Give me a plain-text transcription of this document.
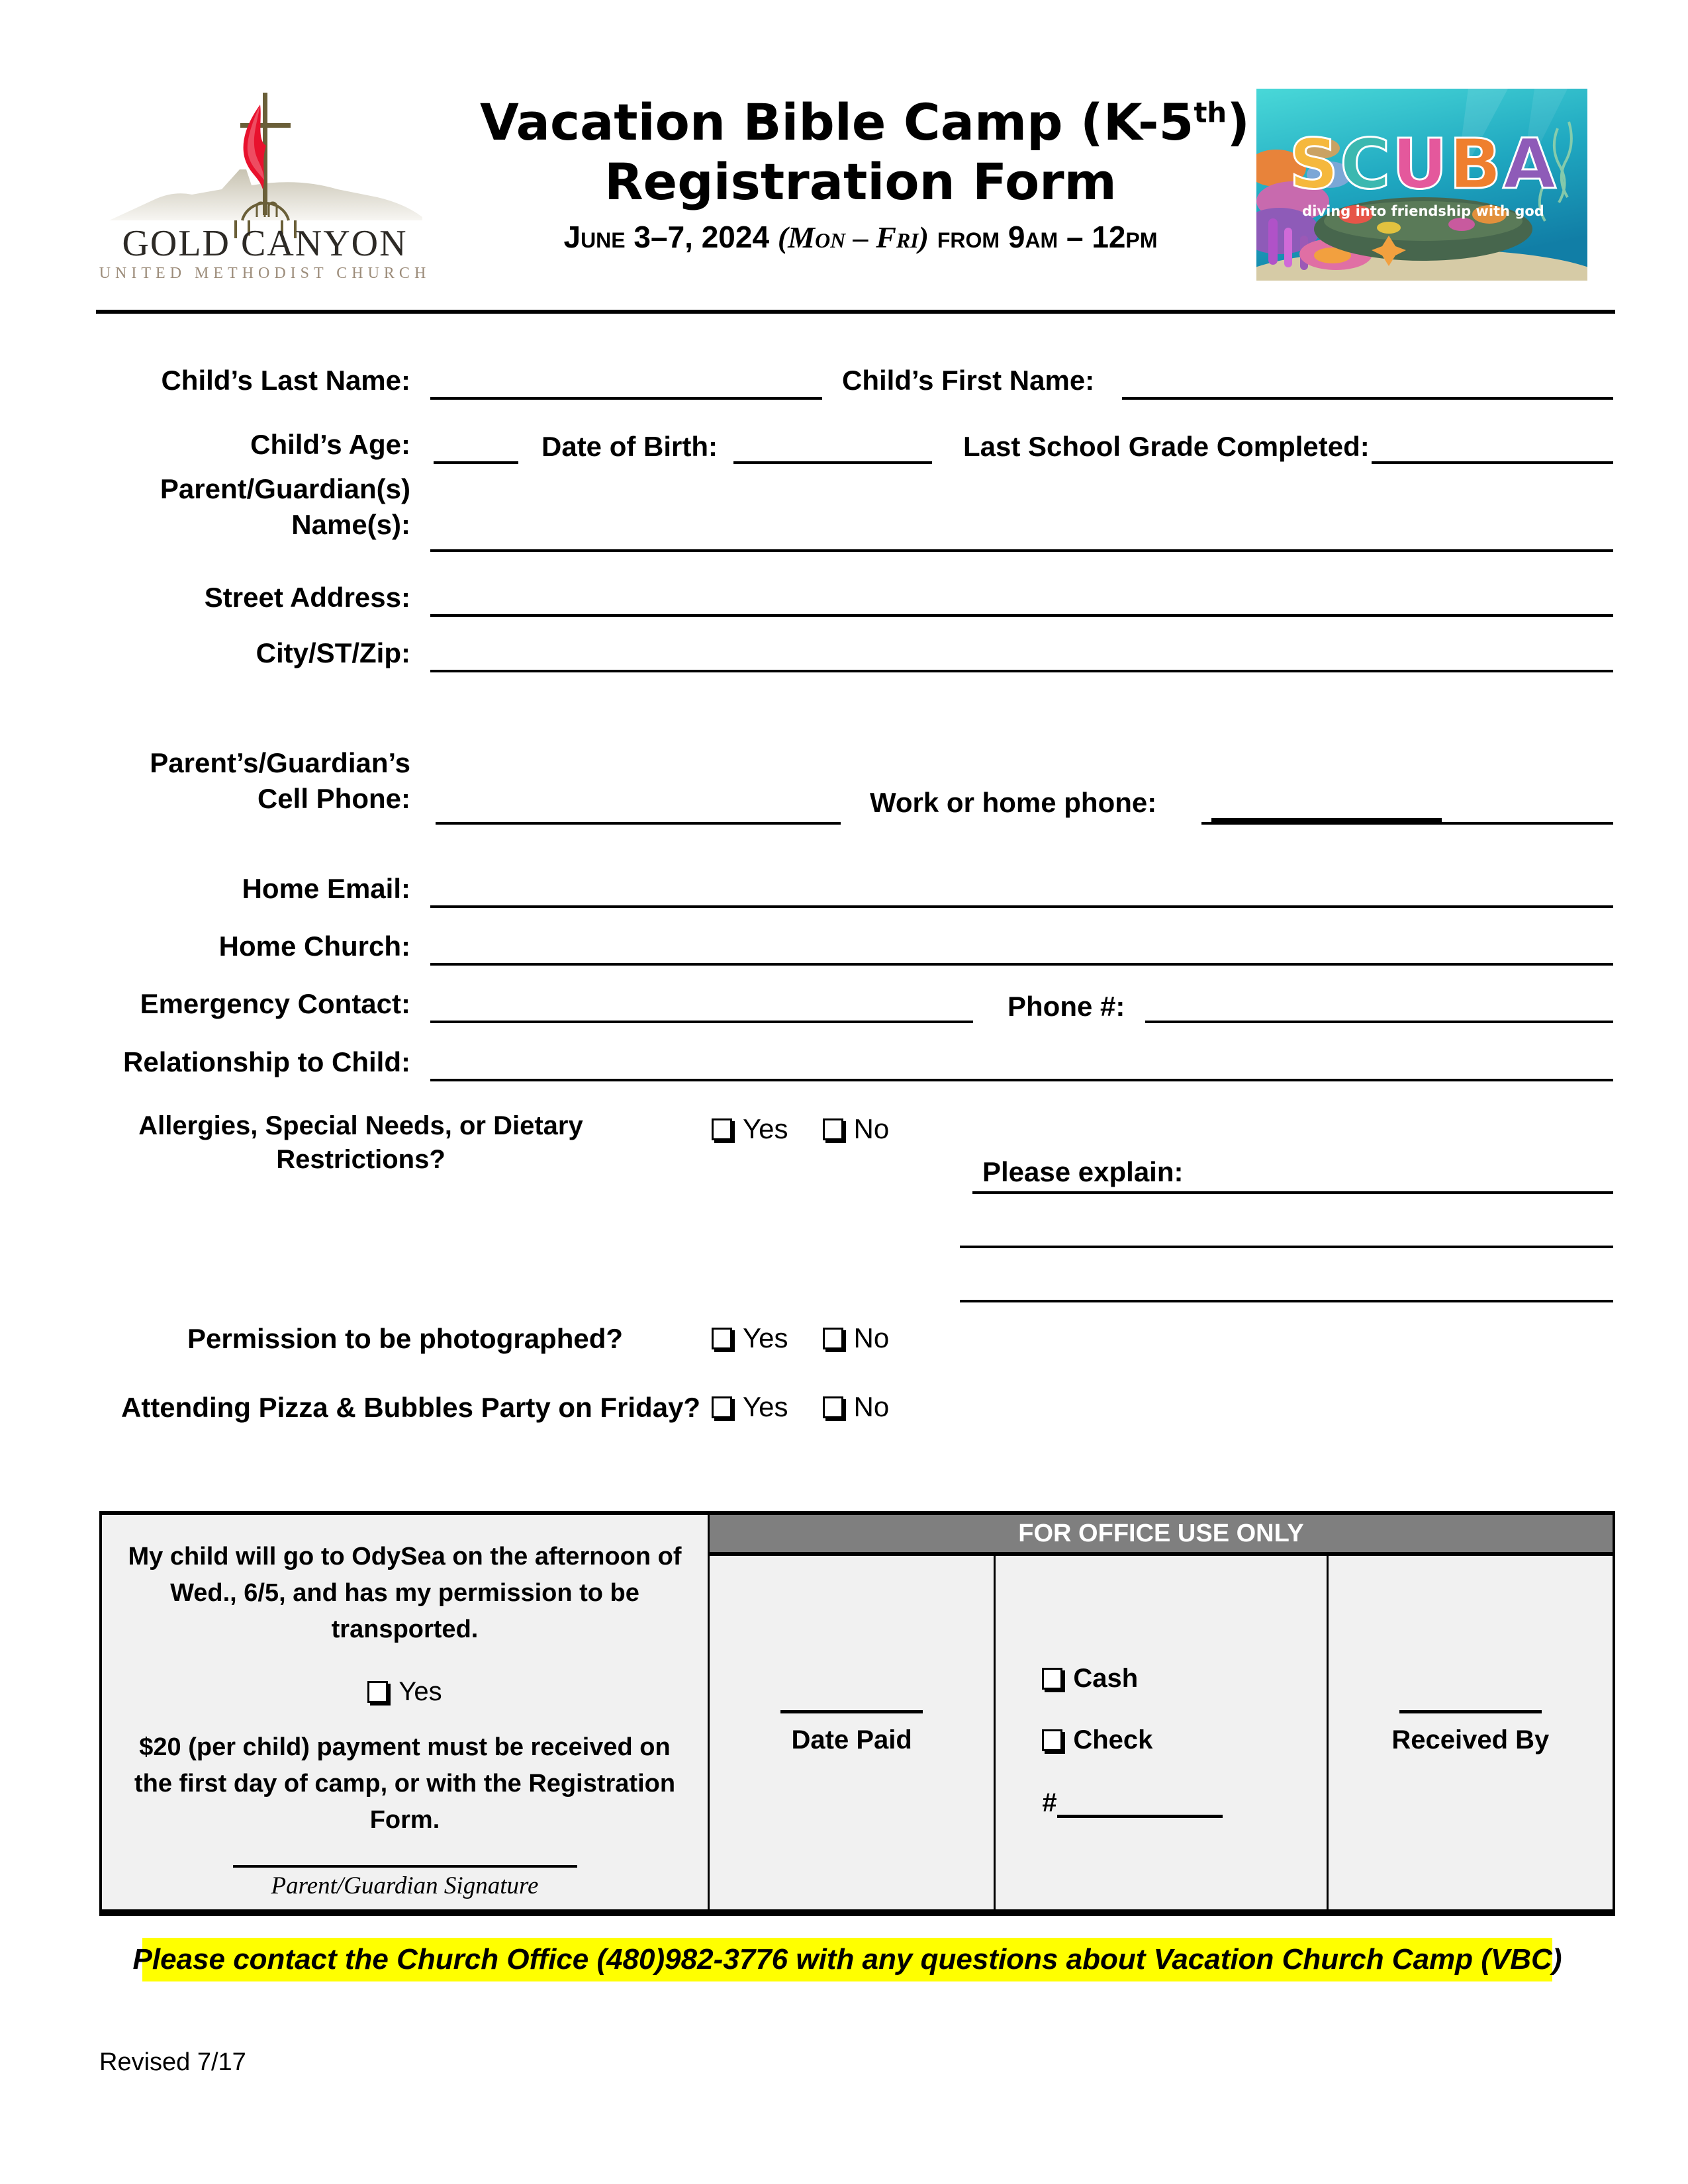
GOLD CANYON
UNITED METHODIST CHURCH
Vacation Bible Camp (K-5th)
Registration Form
June 3–7, 2024 (Mon – Fri) from 9am – 12pm
SCUBA
diving into friendship with god
Child’s Last Name:	Child’s First Name:
Child’s Age:	Date of Birth:	Last School Grade Completed:
Parent/Guardian(s)
Name(s):
Street Address:
City/ST/Zip:
Parent’s/Guardian’s
Cell Phone:	Work or home phone:
Home Email:
Home Church:
Emergency Contact:	Phone #:
Relationship to Child:
Allergies, Special Needs, or Dietary
Restrictions?
Yes No
Please explain:
Permission to be photographed?	Yes No
Attending Pizza & Bubbles Party on Friday? Yes No
My child will go to OdySea on the afternoon of Wed., 6/5, and has my permission to be transported.
Yes
$20 (per child) payment must be received on the first day of camp, or with the Registration Form.
Parent/Guardian Signature
FOR OFFICE USE ONLY
Date Paid
Cash
Check
#
Received By
Please contact the Church Office (480)982-3776 with any questions about Vacation Church Camp (VBC)
Revised 7/17
